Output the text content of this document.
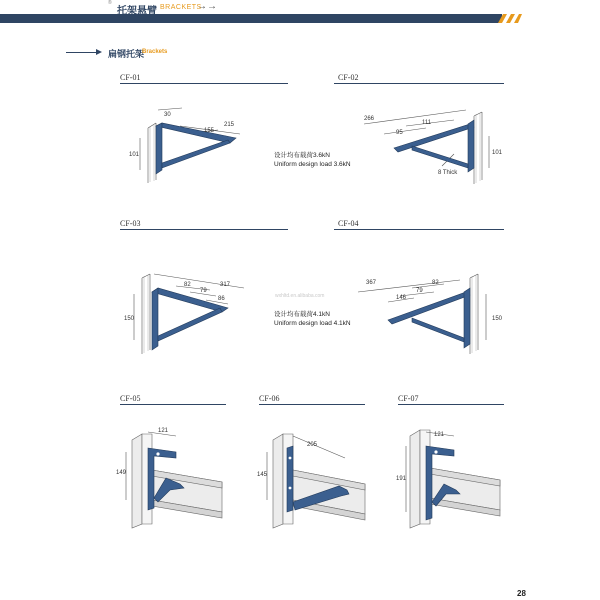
®
托架悬臂 BRACKETS
→→
扁钢托架
Brackets
CF-01	CF-02
CF-03	CF-04
CF-05	CF-06	CF-07
设计均布载荷3.6kN
Uniform design load 3.6kN
设计均布载荷4.1kN
Uniform design load 4.1kN
wxhltd.en.alibaba.com
30
215
155
101
266
111
95
101
8 Thick
317
82
79
86
150
367	82
79
146
150
121
149
205
145
121
191
28
